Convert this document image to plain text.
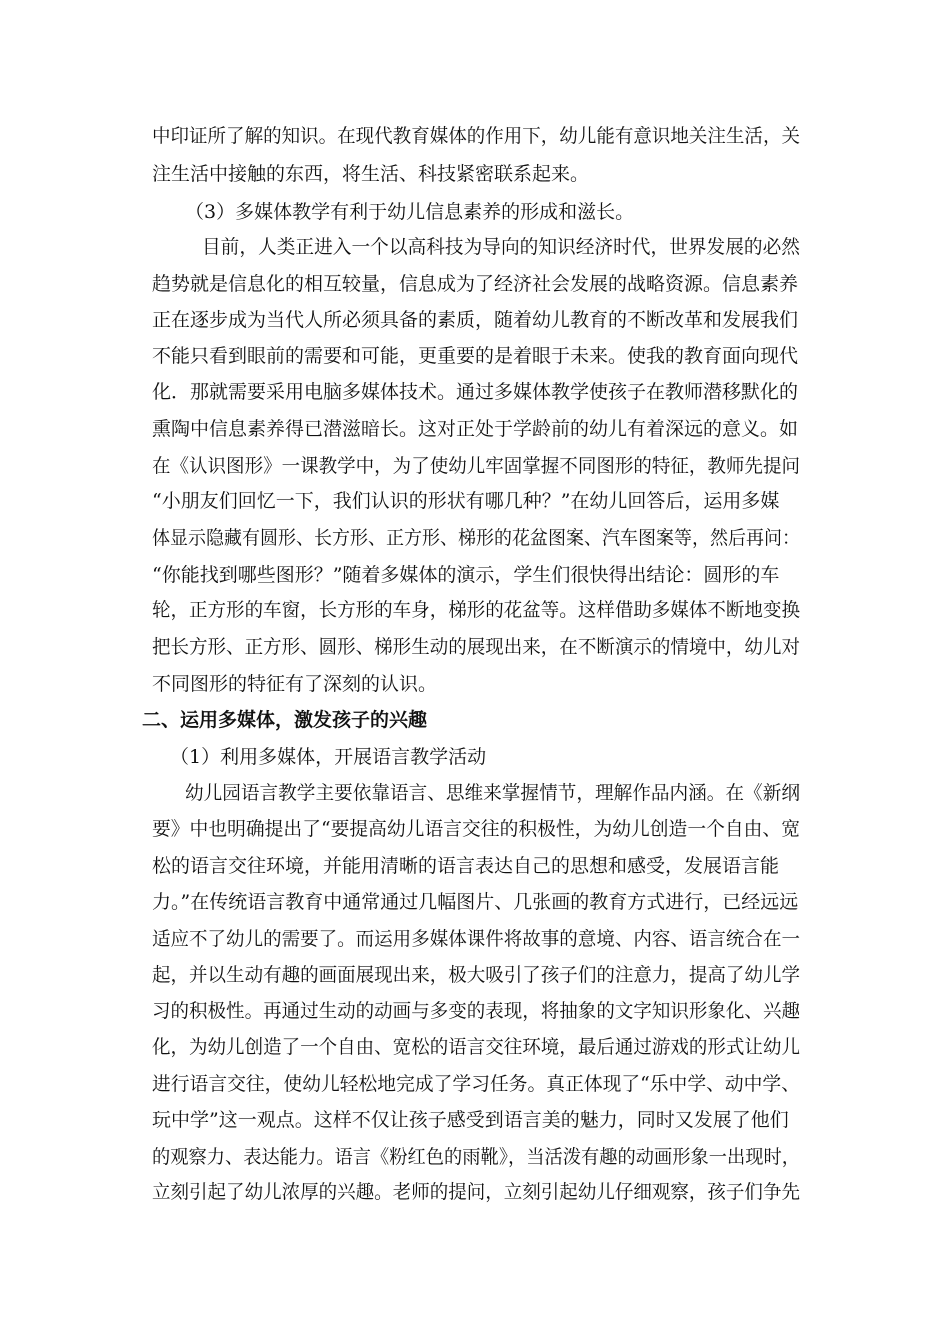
中印证所了解的知识。在现代教育媒体的作用下，幼儿能有意识地关注生活，关
注生活中接触的东西，将生活、科技紧密联系起来。
（3）多媒体教学有利于幼儿信息素养的形成和滋长。
目前，人类正进入一个以高科技为导向的知识经济时代，世界发展的必然
趋势就是信息化的相互较量，信息成为了经济社会发展的战略资源。信息素养
正在逐步成为当代人所必须具备的素质，随着幼儿教育的不断改革和发展我们
不能只看到眼前的需要和可能，更重要的是着眼于未来。使我的教育面向现代
化．那就需要采用电脑多媒体技术。通过多媒体教学使孩子在教师潜移默化的
熏陶中信息素养得已潜滋暗长。这对正处于学龄前的幼儿有着深远的意义。如
在《认识图形》一课教学中，为了使幼儿牢固掌握不同图形的特征，教师先提问
“小朋友们回忆一下，我们认识的形状有哪几种？”在幼儿回答后，运用多媒
体显示隐藏有圆形、长方形、正方形、梯形的花盆图案、汽车图案等，然后再问：
“你能找到哪些图形？”随着多媒体的演示，学生们很快得出结论：圆形的车
轮，正方形的车窗，长方形的车身，梯形的花盆等。这样借助多媒体不断地变换
把长方形、正方形、圆形、梯形生动的展现出来，在不断演示的情境中，幼儿对
不同图形的特征有了深刻的认识。
二、运用多媒体，激发孩子的兴趣
（1）利用多媒体，开展语言教学活动
幼儿园语言教学主要依靠语言、思维来掌握情节，理解作品内涵。在《新纲
要》中也明确提出了“要提高幼儿语言交往的积极性，为幼儿创造一个自由、宽
松的语言交往环境，并能用清晰的语言表达自己的思想和感受，发展语言能
力。”在传统语言教育中通常通过几幅图片、几张画的教育方式进行，已经远远
适应不了幼儿的需要了。而运用多媒体课件将故事的意境、内容、语言统合在一
起，并以生动有趣的画面展现出来，极大吸引了孩子们的注意力，提高了幼儿学
习的积极性。再通过生动的动画与多变的表现，将抽象的文字知识形象化、兴趣
化，为幼儿创造了一个自由、宽松的语言交往环境，最后通过游戏的形式让幼儿
进行语言交往，使幼儿轻松地完成了学习任务。真正体现了“乐中学、动中学、
玩中学”这一观点。这样不仅让孩子感受到语言美的魅力，同时又发展了他们
的观察力、表达能力。语言《粉红色的雨靴》，当活泼有趣的动画形象一出现时，
立刻引起了幼儿浓厚的兴趣。老师的提问，立刻引起幼儿仔细观察，孩子们争先
